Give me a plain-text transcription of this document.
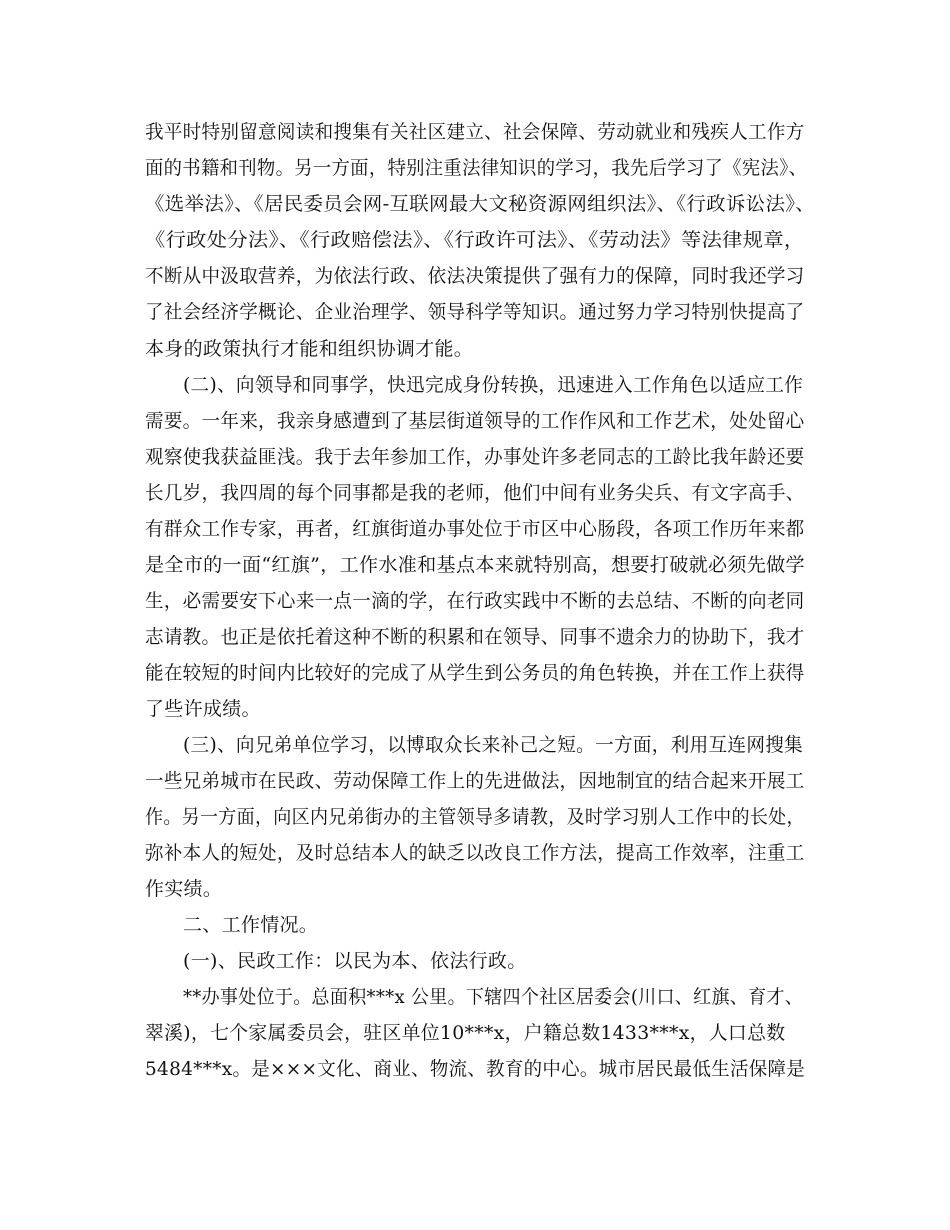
我平时特别留意阅读和搜集有关社区建立、社会保障、劳动就业和残疾人工作方
面的书籍和刊物。另一方面，特别注重法律知识的学习，我先后学习了《宪法》、
《选举法》、《居民委员会网-互联网最大文秘资源网组织法》、《行政诉讼法》、
《行政处分法》、《行政赔偿法》、《行政许可法》、《劳动法》等法律规章，
不断从中汲取营养，为依法行政、依法决策提供了强有力的保障，同时我还学习
了社会经济学概论、企业治理学、领导科学等知识。通过努力学习特别快提高了
本身的政策执行才能和组织协调才能。
(二)、向领导和同事学，快迅完成身份转换，迅速进入工作角色以适应工作
需要。一年来，我亲身感遭到了基层街道领导的工作作风和工作艺术，处处留心
观察使我获益匪浅。我于去年参加工作，办事处许多老同志的工龄比我年龄还要
长几岁，我四周的每个同事都是我的老师，他们中间有业务尖兵、有文字高手、
有群众工作专家，再者，红旗街道办事处位于市区中心肠段，各项工作历年来都
是全市的一面“红旗”，工作水准和基点本来就特别高，想要打破就必须先做学
生，必需要安下心来一点一滴的学，在行政实践中不断的去总结、不断的向老同
志请教。也正是依托着这种不断的积累和在领导、同事不遗余力的协助下，我才
能在较短的时间内比较好的完成了从学生到公务员的角色转换，并在工作上获得
了些许成绩。
(三)、向兄弟单位学习，以博取众长来补己之短。一方面，利用互连网搜集
一些兄弟城市在民政、劳动保障工作上的先进做法，因地制宜的结合起来开展工
作。另一方面，向区内兄弟街办的主管领导多请教，及时学习别人工作中的长处，
弥补本人的短处，及时总结本人的缺乏以改良工作方法，提高工作效率，注重工
作实绩。
二、工作情况。
(一)、民政工作：以民为本、依法行政。
**办事处位于。总面积***x 公里。下辖四个社区居委会(川口、红旗、育才、
翠溪)，七个家属委员会，驻区单位10***x，户籍总数1433***x，人口总数
5484***x。是×××文化、商业、物流、教育的中心。城市居民最低生活保障是
